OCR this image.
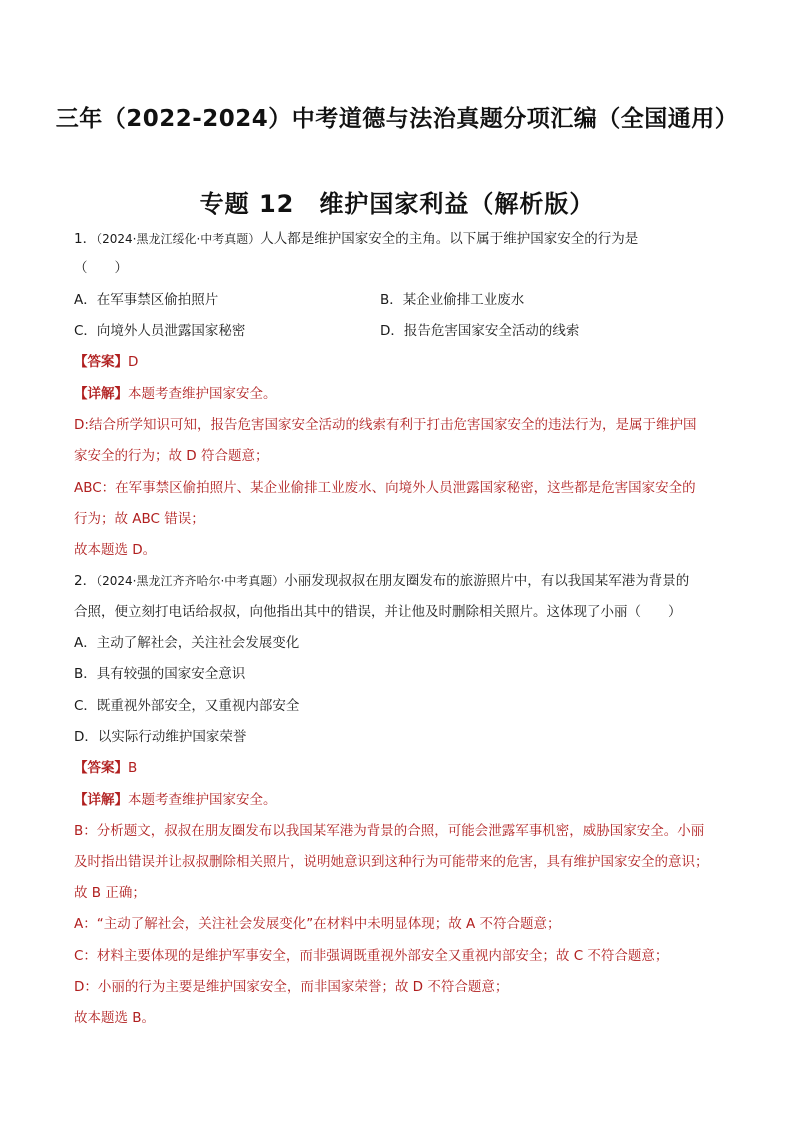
三年（2022-2024）中考道德与法治真题分项汇编（全国通用）
专题 12　维护国家利益（解析版）
1．（2024·黑龙江绥化·中考真题）人人都是维护国家安全的主角。以下属于维护国家安全的行为是
（　　）
A．在军事禁区偷拍照片	B．某企业偷排工业废水
C．向境外人员泄露国家秘密	D．报告危害国家安全活动的线索
【答案】D
【详解】本题考查维护国家安全。
D:结合所学知识可知，报告危害国家安全活动的线索有利于打击危害国家安全的违法行为，是属于维护国
家安全的行为；故 D 符合题意；
ABC：在军事禁区偷拍照片、某企业偷排工业废水、向境外人员泄露国家秘密，这些都是危害国家安全的
行为；故 ABC 错误；
故本题选 D。
2．（2024·黑龙江齐齐哈尔·中考真题）小丽发现叔叔在朋友圈发布的旅游照片中，有以我国某军港为背景的
合照，便立刻打电话给叔叔，向他指出其中的错误，并让他及时删除相关照片。这体现了小丽（　　）
A．主动了解社会，关注社会发展变化
B．具有较强的国家安全意识
C．既重视外部安全，又重视内部安全
D．以实际行动维护国家荣誉
【答案】B
【详解】本题考查维护国家安全。
B：分析题文，叔叔在朋友圈发布以我国某军港为背景的合照，可能会泄露军事机密，威胁国家安全。小丽
及时指出错误并让叔叔删除相关照片，说明她意识到这种行为可能带来的危害，具有维护国家安全的意识；
故 B 正确；
A：“主动了解社会，关注社会发展变化”在材料中未明显体现；故 A 不符合题意；
C：材料主要体现的是维护军事安全，而非强调既重视外部安全又重视内部安全；故 C 不符合题意；
D：小丽的行为主要是维护国家安全，而非国家荣誉；故 D 不符合题意；
故本题选 B。
